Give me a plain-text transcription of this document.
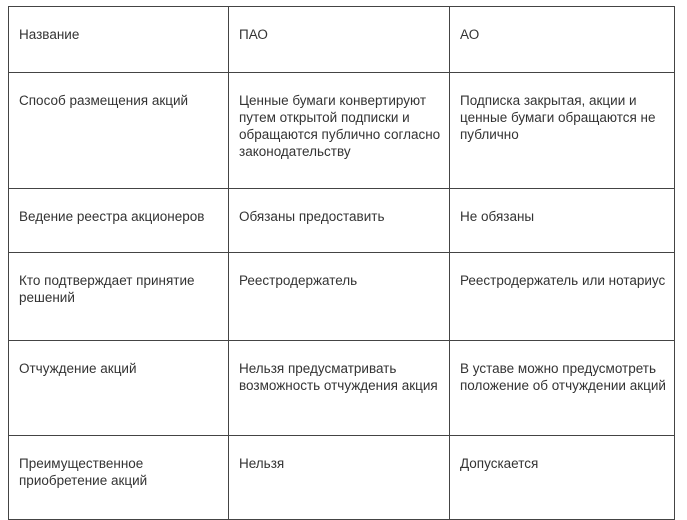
Название	ПАО	АО
Способ размещения акций	Ценные бумаги конвертируют путем открытой подписки и обращаются публично согласно законодательству	Подписка закрытая, акции и ценные бумаги обращаются не публично
Ведение реестра акционеров	Обязаны предоставить	Не обязаны
Кто подтверждает принятие решений	Реестродержатель	Реестродержатель или нотариус
Отчуждение акций	Нельзя предусматривать возможность отчуждения акция	В уставе можно предусмотреть положение об отчуждении акций
Преимущественное приобретение акций	Нельзя	Допускается
